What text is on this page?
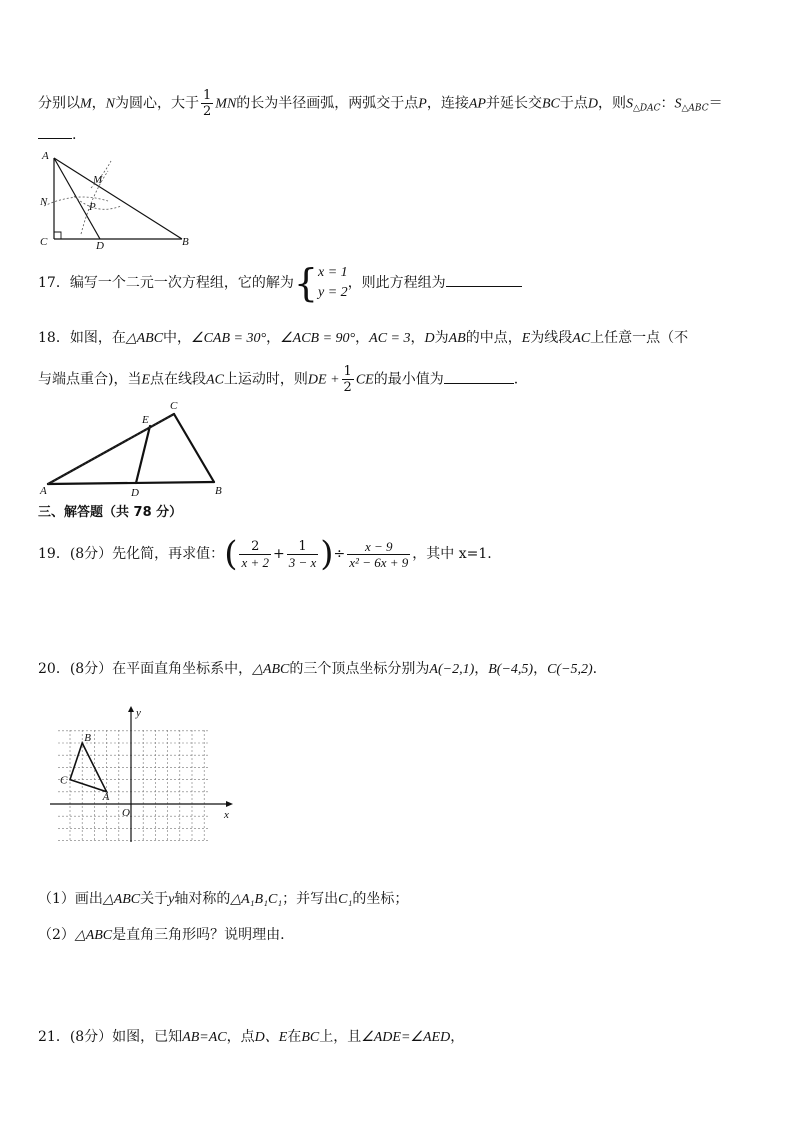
分别以M，N为圆心，大于 $\frac{1}{2}$ MN的长为半径画弧，两弧交于点P，连接AP并延长交BC于点D，则$S_{\triangle DAC}$：$S_{\triangle ABC}=$
.
A
M
N	P
C	D	B
17．编写一个二元一次方程组，它的解为{ x = 1
y = 2
，则此方程组为
18．如图，在△ABC中，∠CAB = 30°，∠ACB = 90°，AC = 3，D为AB的中点，E为线段AC上任意一点（不
与端点重合)，当E点在线段AC上运动时，则DE + $\frac{1}{2}$ CE的最小值为	.
A	D	B
E
C
三、解答题（共 78 分）
19．(8分）先化简，再求值：( $\frac{2}{x + 2} + \frac{1}{3 - x}$ )÷ $\frac{x - 9}{\text{x² − 6x + 9}}$ ，其中 x=1.
20．(8分）在平面直角坐标系中，△ABC的三个顶点坐标分别为A(−2,1)，B(−4,5)，C(−5,2).
y
x
O
A
B
C
（1）画出△ABC关于y轴对称的△A₁B₁C₁；并写出C₁的坐标；
（2）△ABC是直角三角形吗？说明理由.
21．(8分）如图，已知AB=AC，点D、E在BC上，且∠ADE=∠AED，
